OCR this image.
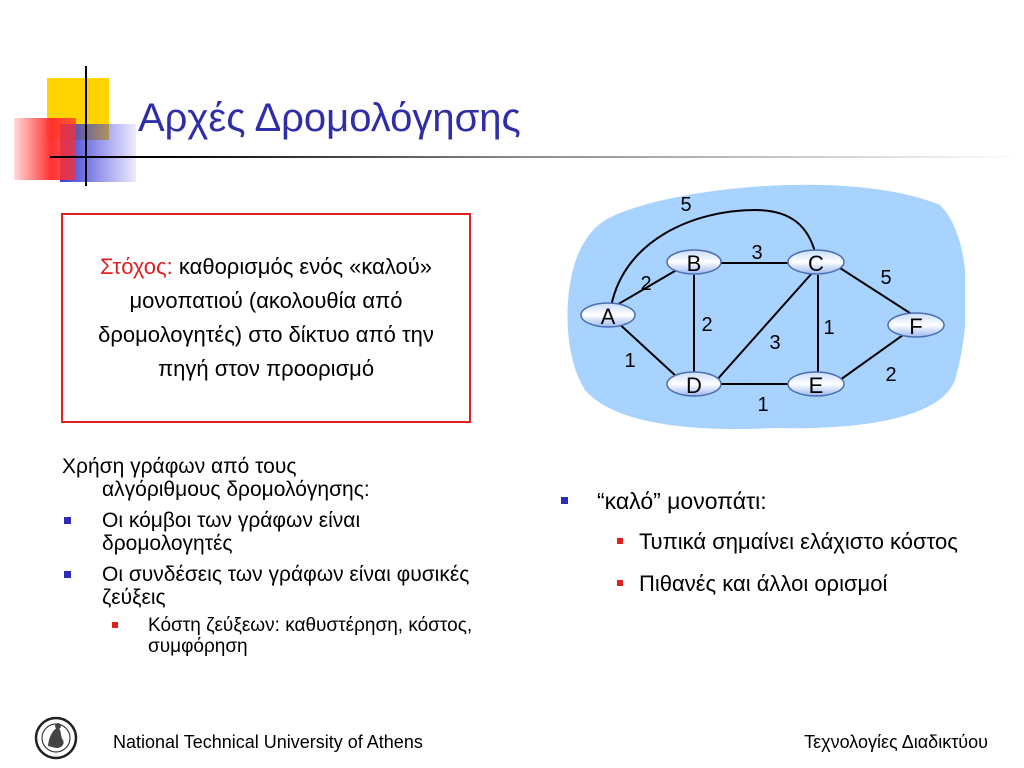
Αρχές Δρομολόγησης
Στόχος: καθορισμός ενός «καλού» μονοπατιού (ακολουθία από δρομολογητές) στο δίκτυο από την πηγή στον προορισμό
5
3
2	5
2	1
3
1
2
1
A
B	C
D	E
F
Χρήση γράφων από τους
αλγόριθμους δρομολόγησης:
Οι κόμβοι των γράφων είναι δρομολογητές
Οι συνδέσεις των γράφων είναι φυσικές ζεύξεις
Κόστη ζεύξεων: καθυστέρηση, κόστος, συμφόρηση
“καλό” μονοπάτι:
Τυπικά σημαίνει ελάχιστο κόστος
Πιθανές και άλλοι ορισμοί
National Technical University of Athens	Τεχνολογίες Διαδικτύου
